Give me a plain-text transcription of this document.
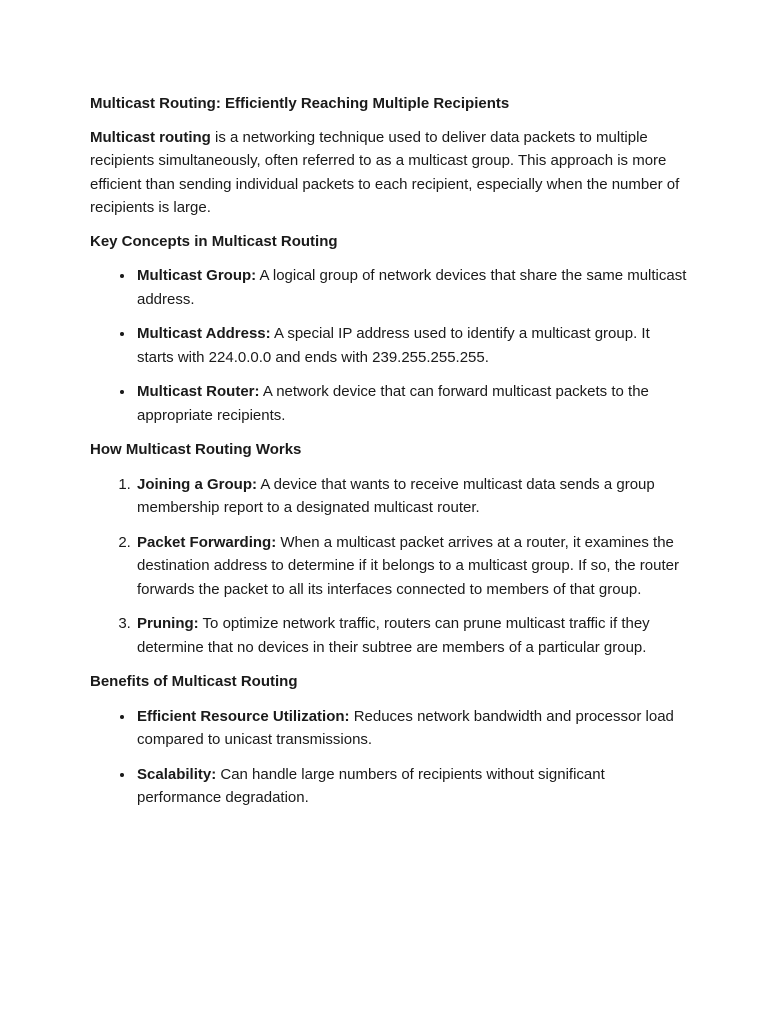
Multicast Routing: Efficiently Reaching Multiple Recipients

Multicast routing is a networking technique used to deliver data packets to multiple recipients simultaneously, often referred to as a multicast group. This approach is more efficient than sending individual packets to each recipient, especially when the number of recipients is large.

Key Concepts in Multicast Routing
• Multicast Group: A logical group of network devices that share the same multicast address.
• Multicast Address: A special IP address used to identify a multicast group. It starts with 224.0.0.0 and ends with 239.255.255.255.
• Multicast Router: A network device that can forward multicast packets to the appropriate recipients.
How Multicast Routing Works
1. Joining a Group: A device that wants to receive multicast data sends a group membership report to a designated multicast router.
2. Packet Forwarding: When a multicast packet arrives at a router, it examines the destination address to determine if it belongs to a multicast group. If so, the router forwards the packet to all its interfaces connected to members of that group.
3. Pruning: To optimize network traffic, routers can prune multicast traffic if they determine that no devices in their subtree are members of a particular group.
Benefits of Multicast Routing
• Efficient Resource Utilization: Reduces network bandwidth and processor load compared to unicast transmissions.
• Scalability: Can handle large numbers of recipients without significant performance degradation.
